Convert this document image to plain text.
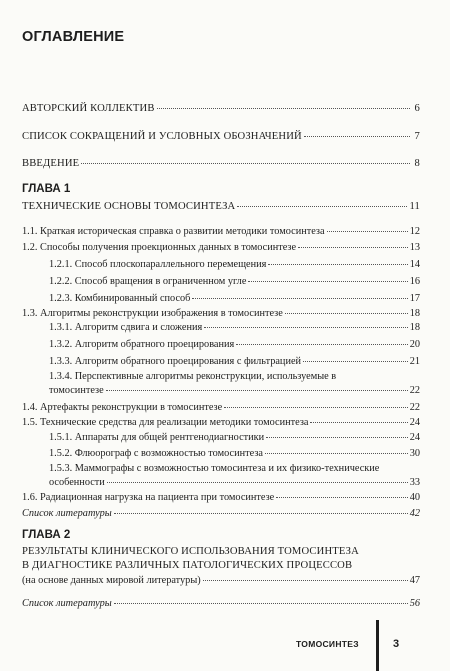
ОГЛАВЛЕНИЕ
АВТОРСКИЙ КОЛЛЕКТИВ	6
СПИСОК СОКРАЩЕНИЙ И УСЛОВНЫХ ОБОЗНАЧЕНИЙ	7
ВВЕДЕНИЕ	8
ГЛАВА 1
ТЕХНИЧЕСКИЕ ОСНОВЫ ТОМОСИНТЕЗА	11
1.1. Краткая историческая справка о развитии методики томосинтеза	12
1.2. Способы получения проекционных данных в томосинтезе	13
1.2.1. Способ плоскопараллельного перемещения	14
1.2.2. Способ вращения в ограниченном угле	16
1.2.3. Комбинированный способ	17
1.3. Алгоритмы реконструкции изображения в томосинтезе	18
1.3.1. Алгоритм сдвига и сложения	18
1.3.2. Алгоритм обратного проецирования	20
1.3.3. Алгоритм обратного проецирования с фильтрацией	21
1.3.4. Перспективные алгоритмы реконструкции, используемые в
томосинтезе	22
1.4. Артефакты реконструкции в томосинтезе	22
1.5. Технические средства для реализации методики томосинтеза	24
1.5.1. Аппараты для общей рентгенодиагностики	24
1.5.2. Флюорограф с возможностью томосинтеза	30
1.5.3. Маммографы с возможностью томосинтеза и их физико-технические
особенности	33
1.6. Радиационная нагрузка на пациента при томосинтезе	40
Список литературы	42
ГЛАВА 2
РЕЗУЛЬТАТЫ КЛИНИЧЕСКОГО ИСПОЛЬЗОВАНИЯ ТОМОСИНТЕЗА
В ДИАГНОСТИКЕ РАЗЛИЧНЫХ ПАТОЛОГИЧЕСКИХ ПРОЦЕССОВ
(на основе данных мировой литературы)	47
Список литературы	56
ТОМОСИНТЕЗ	3
